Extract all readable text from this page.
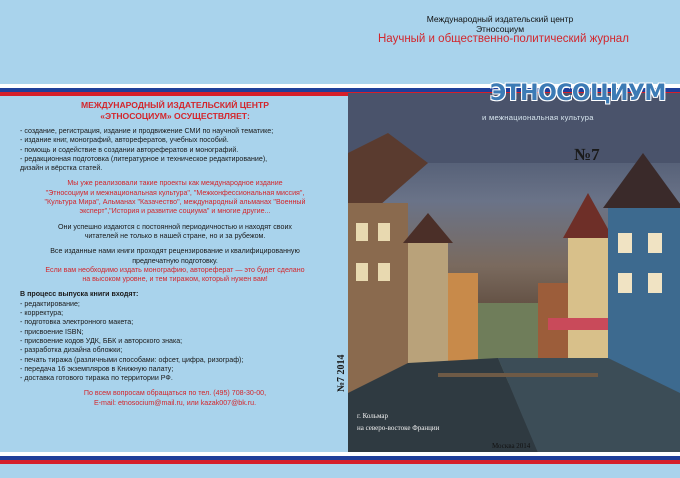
Международный издательский центр
Этносоциум
Научный и общественно-политический журнал
МЕЖДУНАРОДНЫЙ ИЗДАТЕЛЬСКИЙ ЦЕНТР
«ЭТНОСОЦИУМ» ОСУЩЕСТВЛЯЕТ:
- создание, регистрация, издание и продвижение СМИ по научной тематике;
- издание книг, монографий, авторефератов, учебных пособий.
- помощь и содействие в создании авторефератов и монографий.
- редакционная подготовка (литературное и техническое редактирование),
дизайн и вёрстка статей.
Мы уже реализовали такие проекты как международное издание
"Этносоциум и межнациональная культура", "Межконфессиональная миссия",
"Культура Мира", Альманах "Казачество", международный альманах "Военный
эксперт","История и развитие социума" и многие другие...
Они успешно издаются с постоянной периодичностью и находят своих
читателей не только в нашей стране, но и за рубежом.
Все изданные нами книги проходят рецензирование и квалифицированную
предпечатную подготовку.
Если вам необходимо издать монографию, автореферат — это будет сделано
на высоком уровне, и тем тиражом, который нужен вам!
В процесс выпуска книги входят:
- редактирование;
- корректура;
- подготовка электронного макета;
- присвоение ISBN;
- присвоение кодов УДК, ББК и авторского знака;
- разработка дизайна обложки;
- печать тиража (различными способами: офсет, цифра, ризограф);
- передача 16 экземпляров в Книжную палату;
- доставка готового тиража по территории РФ.
По всем вопросам обращаться по тел. (495) 708-30-00,
E-mail: etnosocium@mail.ru, или kazak007@bk.ru.
ЭТНОСОЦИУМ
и межнациональная культура
№7
№7 2014
г. Кольмар
на северо-востоке Франции
Москва 2014
